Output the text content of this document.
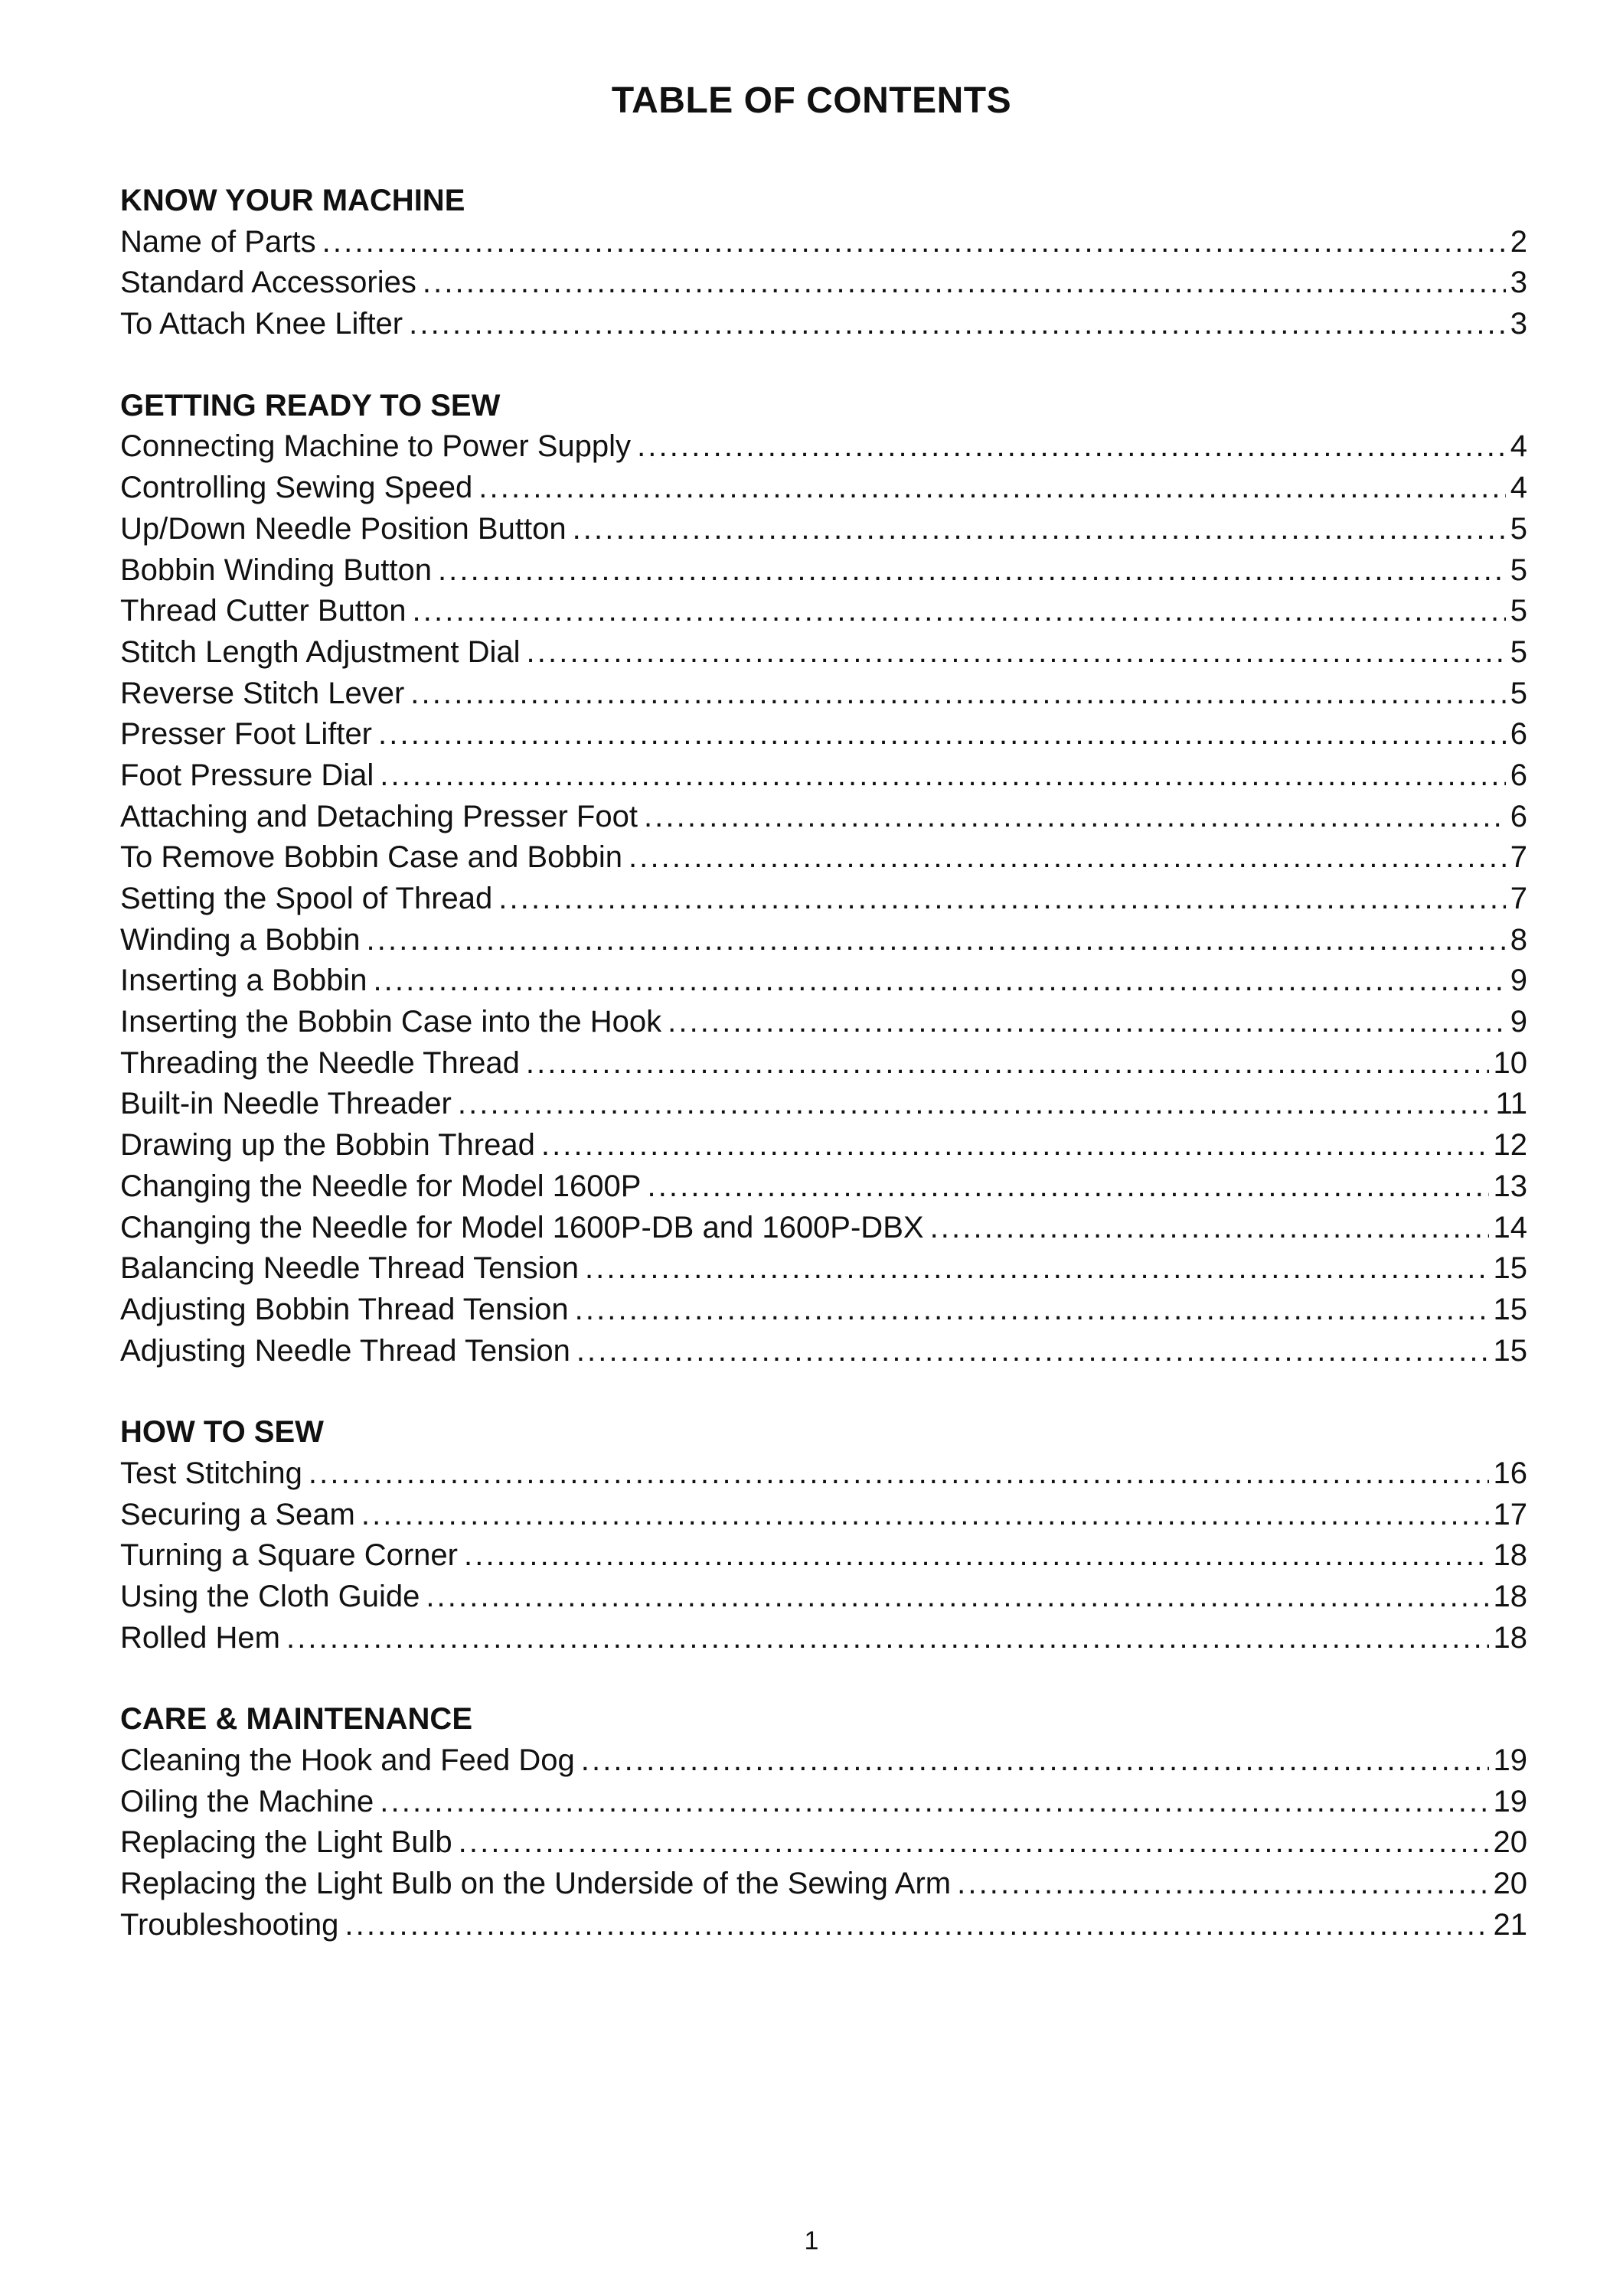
TABLE OF CONTENTS
KNOW YOUR MACHINE
Name of Parts . . .	2
Standard Accessories . . .	3
To Attach Knee Lifter . . .	3
GETTING READY TO SEW
Connecting Machine to Power Supply . . .	4
Controlling Sewing Speed . . .	4
Up/Down Needle Position Button . . .	5
Bobbin Winding Button . . .	5
Thread Cutter Button . . .	5
Stitch Length Adjustment Dial . . .	5
Reverse Stitch Lever . . .	5
Presser Foot Lifter . . .	6
Foot Pressure Dial . . .	6
Attaching and Detaching Presser Foot . . .	6
To Remove Bobbin Case and Bobbin . . .	7
Setting the Spool of Thread . . .	7
Winding a Bobbin . . .	8
Inserting a Bobbin . . .	9
Inserting the Bobbin Case into the Hook . . .	9
Threading the Needle Thread . . .	10
Built-in Needle Threader . . .	11
Drawing up the Bobbin Thread . . .	12
Changing the Needle for Model 1600P . . .	13
Changing the Needle for Model 1600P-DB and 1600P-DBX . . .	14
Balancing Needle Thread Tension . . .	15
Adjusting Bobbin Thread Tension . . .	15
Adjusting Needle Thread Tension . . .	15
HOW TO SEW
Test Stitching . . .	16
Securing a Seam . . .	17
Turning a Square Corner . . .	18
Using the Cloth Guide . . .	18
Rolled Hem . . .	18
CARE & MAINTENANCE
Cleaning the Hook and Feed Dog . . .	19
Oiling the Machine . . .	19
Replacing the Light Bulb . . .	20
Replacing the Light Bulb on the Underside of the Sewing Arm . . .	20
Troubleshooting . . .	21
1
